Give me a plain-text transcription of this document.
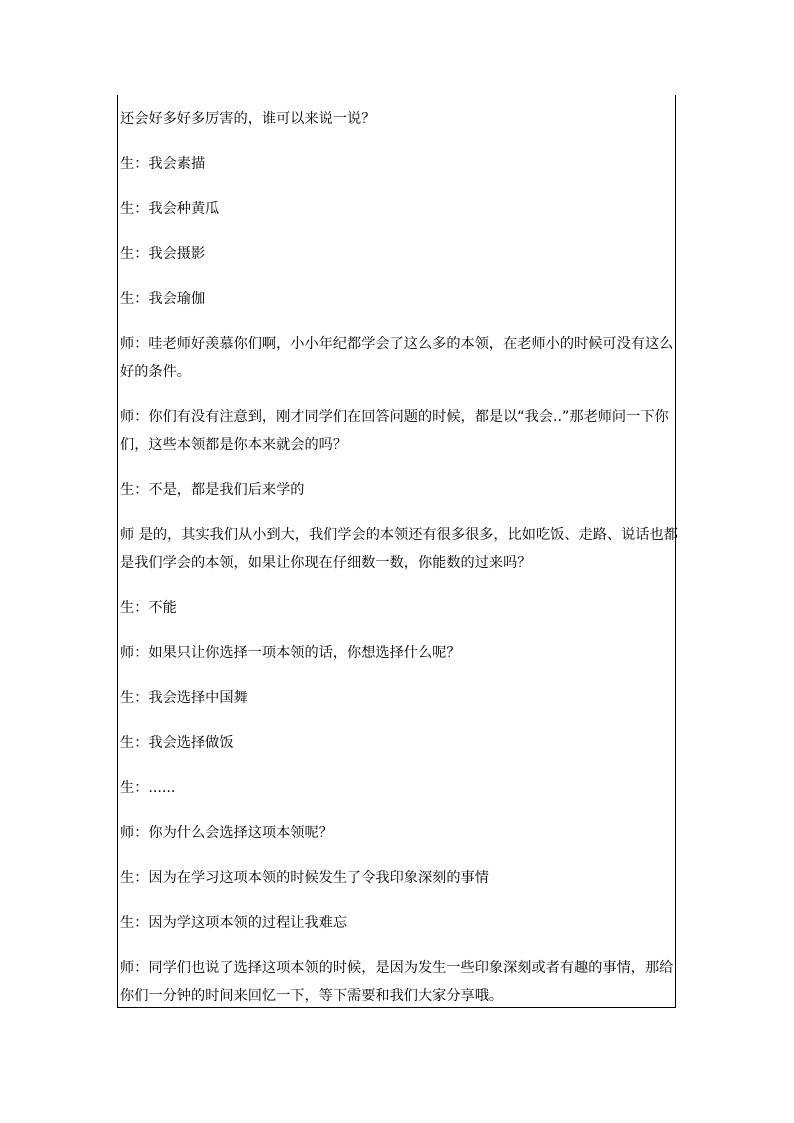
还会好多好多厉害的，谁可以来说一说？

生：我会素描

生：我会种黄瓜

生：我会摄影

生：我会瑜伽

师：哇老师好羡慕你们啊，小小年纪都学会了这么多的本领，在老师小的时候可没有这么好的条件。

师：你们有没有注意到，刚才同学们在回答问题的时候，都是以“我会..”那老师问一下你们，这些本领都是你本来就会的吗？

生：不是，都是我们后来学的

师 是的，其实我们从小到大，我们学会的本领还有很多很多，比如吃饭、走路、说话也都是我们学会的本领，如果让你现在仔细数一数，你能数的过来吗？

生：不能

师：如果只让你选择一项本领的话，你想选择什么呢？

生：我会选择中国舞

生：我会选择做饭

生：......

师：你为什么会选择这项本领呢？

生：因为在学习这项本领的时候发生了令我印象深刻的事情

生：因为学这项本领的过程让我难忘

师：同学们也说了选择这项本领的时候，是因为发生一些印象深刻或者有趣的事情，那给你们一分钟的时间来回忆一下，等下需要和我们大家分享哦。
